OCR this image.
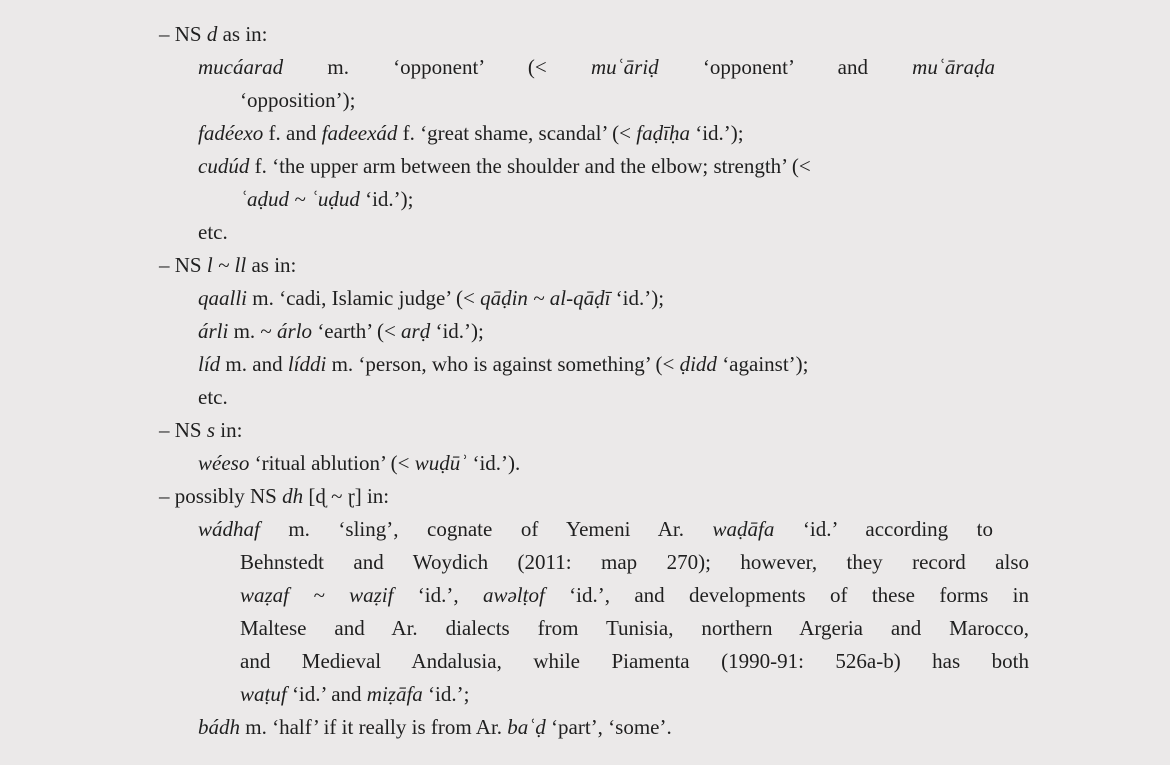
– NS d as in:
mucáarad m. ‘opponent’ (< muʿāriḍ ‘opponent’ and muʿāraḍa
‘opposition’);
fadéexo f. and fadeexád f. ‘great shame, scandal’ (< faḍīḥa ‘id.’);
cudúd f. ‘the upper arm between the shoulder and the elbow; strength’ (<
ʿaḍud ~ ʿuḍud ‘id.’);
etc.
– NS l ~ ll as in:
qaalli m. ‘cadi, Islamic judge’ (< qāḍin ~ al-qāḍī ‘id.’);
árli m. ~ árlo ‘earth’ (< arḍ ‘id.’);
líd m. and líddi m. ‘person, who is against something’ (< ḍidd ‘against’);
etc.
– NS s in:
wéeso ‘ritual ablution’ (< wuḍūʾ ‘id.’).
– possibly NS dh [ɖ ~ ɽ] in:
wádhaf m. ‘sling’, cognate of Yemeni Ar. waḍāfa ‘id.’ according to
Behnstedt and Woydich (2011: map 270); however, they record also
waẓaf ~ waẓif ‘id.’, awəlṭof ‘id.’, and developments of these forms in
Maltese and Ar. dialects from Tunisia, northern Argeria and Marocco,
and Medieval Andalusia, while Piamenta (1990-91: 526a-b) has both
waṭuf ‘id.’ and miẓāfa ‘id.’;
bádh m. ‘half’ if it really is from Ar. baʿḍ ‘part’, ‘some’.
